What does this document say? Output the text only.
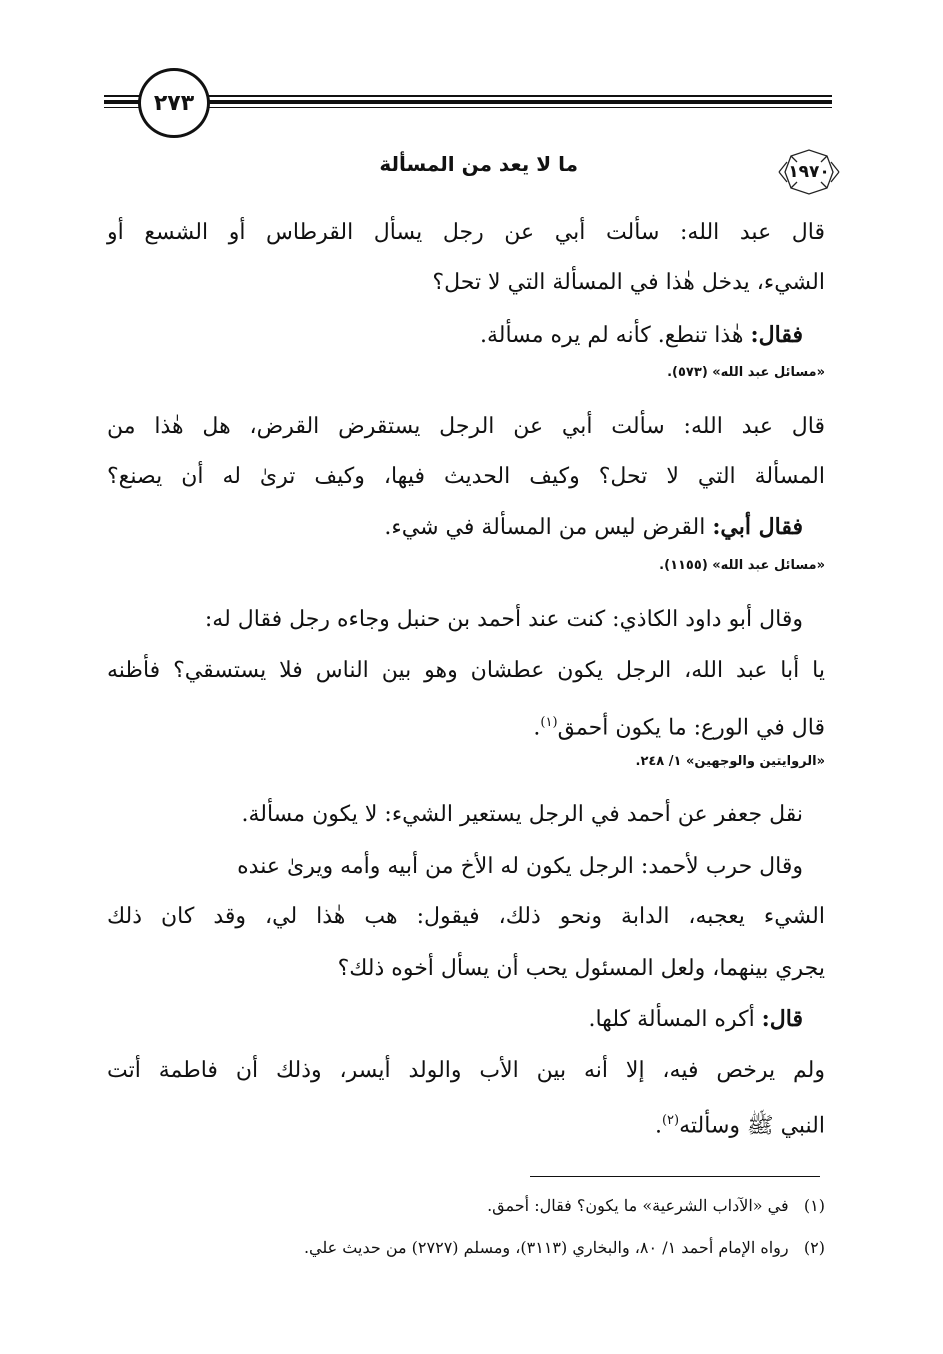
٢٧٣
١٩٧٠
ما لا يعد من المسألة
قال عبد الله: سألت أبي عن رجل يسأل القرطاس أو الشسع أو
الشيء، يدخل هٰذا في المسألة التي لا تحل؟
فقال: هٰذا تنطع. كأنه لم يره مسألة.
«مسائل عبد الله» (٥٧٣).
قال عبد الله: سألت أبي عن الرجل يستقرض القرض، هل هٰذا من
المسألة التي لا تحل؟ وكيف الحديث فيها، وكيف ترىٰ له أن يصنع؟
فقال أبي: القرض ليس من المسألة في شيء.
«مسائل عبد الله» (١١٥٥).
وقال أبو داود الكاذي: كنت عند أحمد بن حنبل وجاءه رجل فقال له:
يا أبا عبد الله، الرجل يكون عطشان وهو بين الناس فلا يستسقي؟ فأظنه
قال في الورع: ما يكون أحمق$^{(١)}$.
«الروايتين والوجهين» ١/ ٢٤٨.
نقل جعفر عن أحمد في الرجل يستعير الشيء: لا يكون مسألة.
وقال حرب لأحمد: الرجل يكون له الأخ من أبيه وأمه ويرىٰ عنده
الشيء يعجبه، الدابة ونحو ذلك، فيقول: هب هٰذا لي، وقد كان ذلك
يجري بينهما، ولعل المسئول يحب أن يسأل أخوه ذلك؟
قال: أكره المسألة كلها.
ولم يرخص فيه، إلا أنه بين الأب والولد أيسر، وذلك أن فاطمة أتت
النبي ﷺ وسألته$^{(٢)}$.
(١)   في «الآداب الشرعية» ما يكون؟ فقال: أحمق.
(٢)   رواه الإمام أحمد ١/ ٨٠، والبخاري (٣١١٣)، ومسلم (٢٧٢٧) من حديث علي.
